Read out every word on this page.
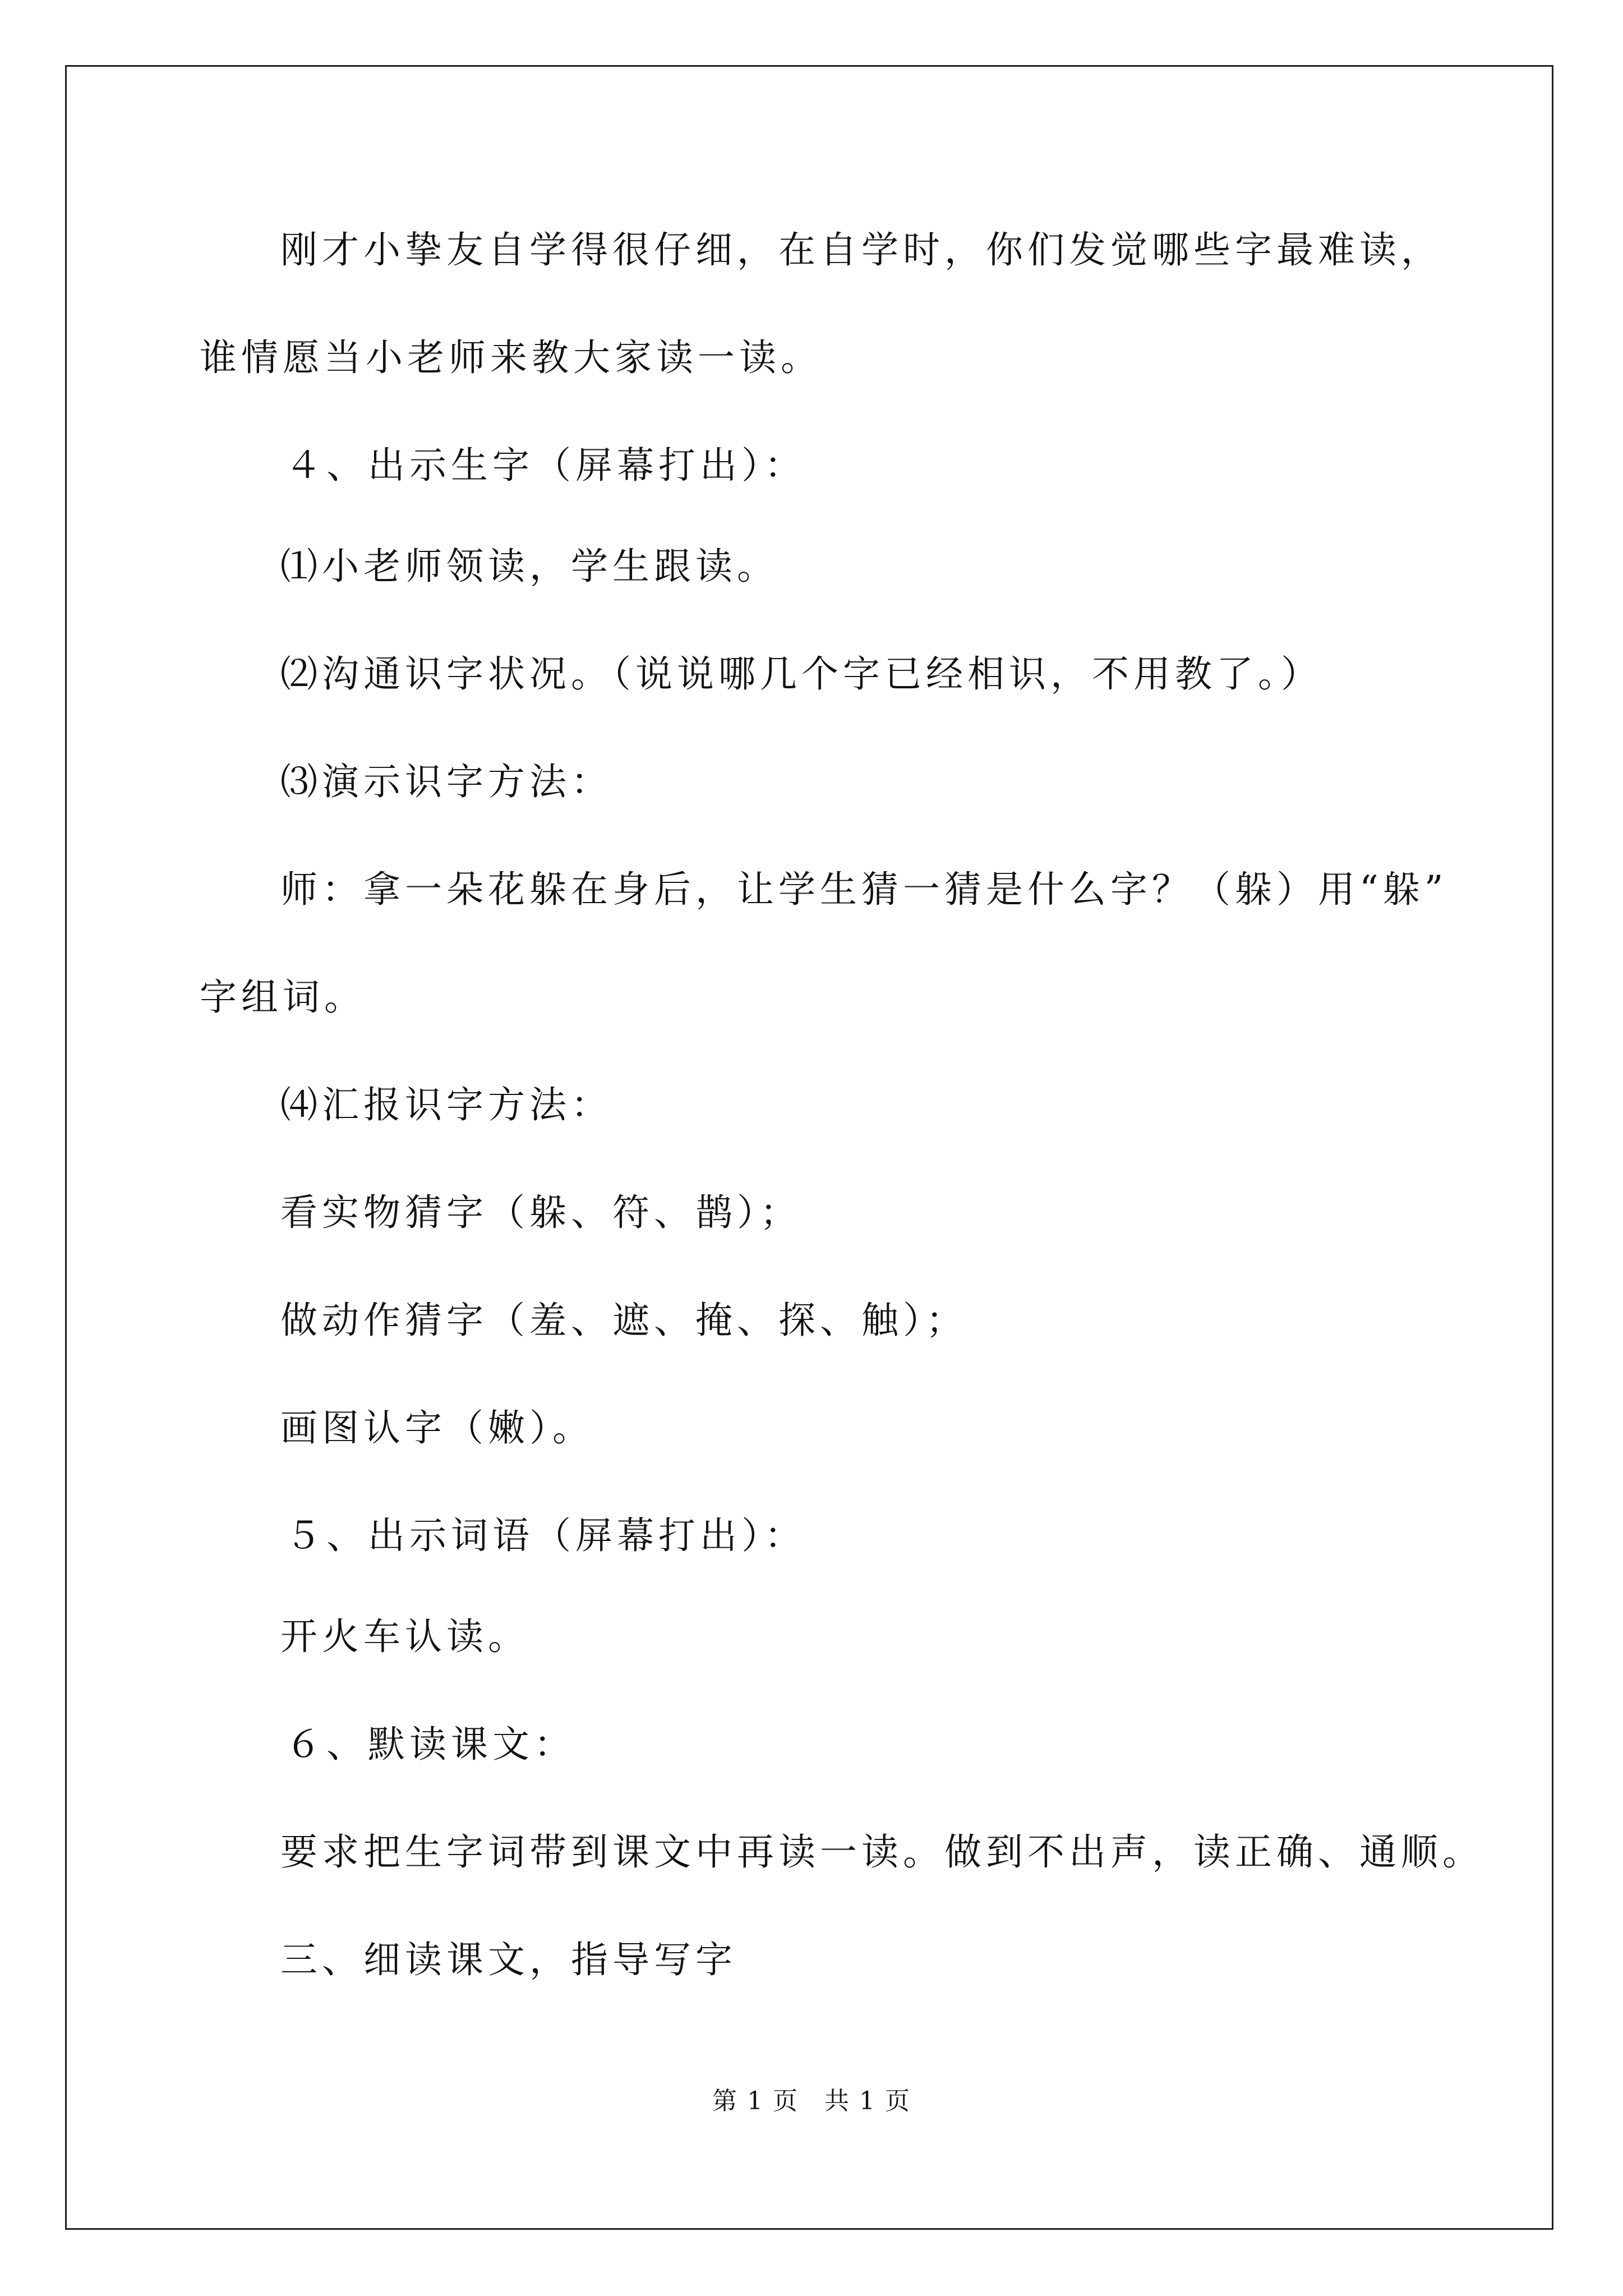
刚才小挚友自学得很仔细，在自学时，你们发觉哪些字最难读，
谁情愿当小老师来教大家读一读。
４、出示生字（屏幕打出）：
⑴小老师领读，学生跟读。
⑵沟通识字状况。（说说哪几个字已经相识，不用教了。）
⑶演示识字方法：
师：拿一朵花躲在身后，让学生猜一猜是什么字？（躲）用“躲”
字组词。
⑷汇报识字方法：
看实物猜字（躲、符、鹊）；
做动作猜字（羞、遮、掩、探、触）；
画图认字（嫩）。
５、出示词语（屏幕打出）：
开火车认读。
６、默读课文：
要求把生字词带到课文中再读一读。做到不出声，读正确、通顺。
三、细读课文，指导写字
第 1 页　共 1 页
